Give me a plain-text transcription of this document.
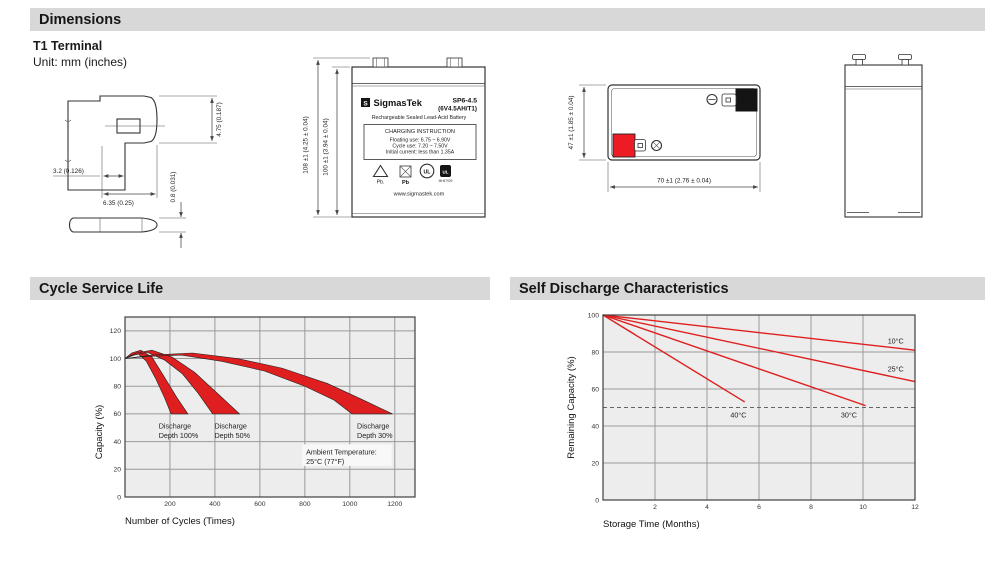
Dimensions
T1 Terminal
Unit: mm (inches)
4.75 (0.187)
3.2 (0.126)
6.35 (0.25)
0.8 (0.031)
S SigmasTek	SP6-4.5
(6V4.5AH/T1)
Rechargeable Sealed Lead-Acid Battery
CHARGING INSTRUCTION
Floating use: 6.75 ~ 6.90V
Cycle use: 7.20 ~ 7.50V
Initial current: less than 1.35A
Pb.	Pb
UL	UL
MH47929
www.sigmastek.com
108 ±1 (4.25 ± 0.04) 100 ±1 (3.94 ± 0.04)	47 ±1 (1.85 ± 0.04)
70 ±1 (2.76 ± 0.04)
Cycle Service Life	Self Discharge Characteristics
200	400	600	800	1000	1200
0
20
40
60
80
100
120
Discharge
Depth 100%
Discharge
Depth 50%
Discharge
Depth 30%
Ambient Temperature:
25°C (77°F)
Number of Cycles (Times)
Capacity (%)
2	4	6	8	10	12
0
20
40
60
80
100
10°C
25°C
30°C
40°C
Storage Time (Months)
Remaining Capacity (%)
